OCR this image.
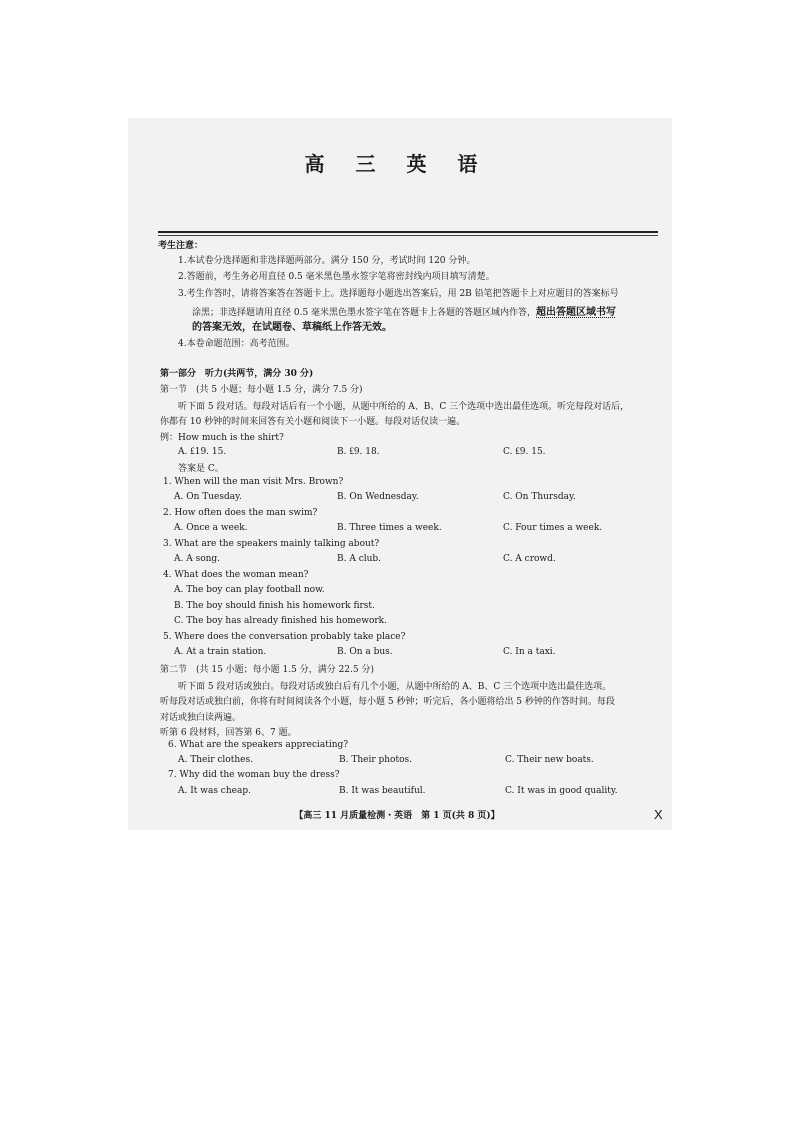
高 三 英 语
考生注意：
1.本试卷分选择题和非选择题两部分。满分 150 分，考试时间 120 分钟。
2.答题前，考生务必用直径 0.5 毫米黑色墨水签字笔将密封线内项目填写清楚。
3.考生作答时，请将答案答在答题卡上。选择题每小题选出答案后，用 2B 铅笔把答题卡上对应题目的答案标号
涂黑；非选择题请用直径 0.5 毫米黑色墨水签字笔在答题卡上各题的答题区域内作答，超出答题区域书写
的答案无效，在试题卷、草稿纸上作答无效。
4.本卷命题范围：高考范围。
第一部分　听力(共两节，满分 30 分)
第一节　(共 5 小题；每小题 1.5 分，满分 7.5 分)
听下面 5 段对话。每段对话后有一个小题，从题中所给的 A、B、C 三个选项中选出最佳选项。听完每段对话后，
你都有 10 秒钟的时间来回答有关小题和阅读下一小题。每段对话仅读一遍。
例：How much is the shirt?
A. ₤19. 15.	B. ₤9. 18.	C. ₤9. 15.
答案是 C。
1. When will the man visit Mrs. Brown?
A. On Tuesday.	B. On Wednesday.	C. On Thursday.
2. How often does the man swim?
A. Once a week.	B. Three times a week.	C. Four times a week.
3. What are the speakers mainly talking about?
A. A song.	B. A club.	C. A crowd.
4. What does the woman mean?
A. The boy can play football now.
B. The boy should finish his homework first.
C. The boy has already finished his homework.
5. Where does the conversation probably take place?
A. At a train station.	B. On a bus.	C. In a taxi.
第二节　(共 15 小题；每小题 1.5 分，满分 22.5 分)
听下面 5 段对话或独白。每段对话或独白后有几个小题，从题中所给的 A、B、C 三个选项中选出最佳选项。
听每段对话或独白前，你将有时间阅读各个小题，每小题 5 秒钟；听完后，各小题将给出 5 秒钟的作答时间。每段
对话或独白读两遍。
听第 6 段材料，回答第 6、7 题。
6. What are the speakers appreciating?
A. Their clothes.	B. Their photos.	C. Their new boats.
7. Why did the woman buy the dress?
A. It was cheap.	B. It was beautiful.	C. It was in good quality.
【高三 11 月质量检测・英语　第 1 页(共 8 页)】	X
